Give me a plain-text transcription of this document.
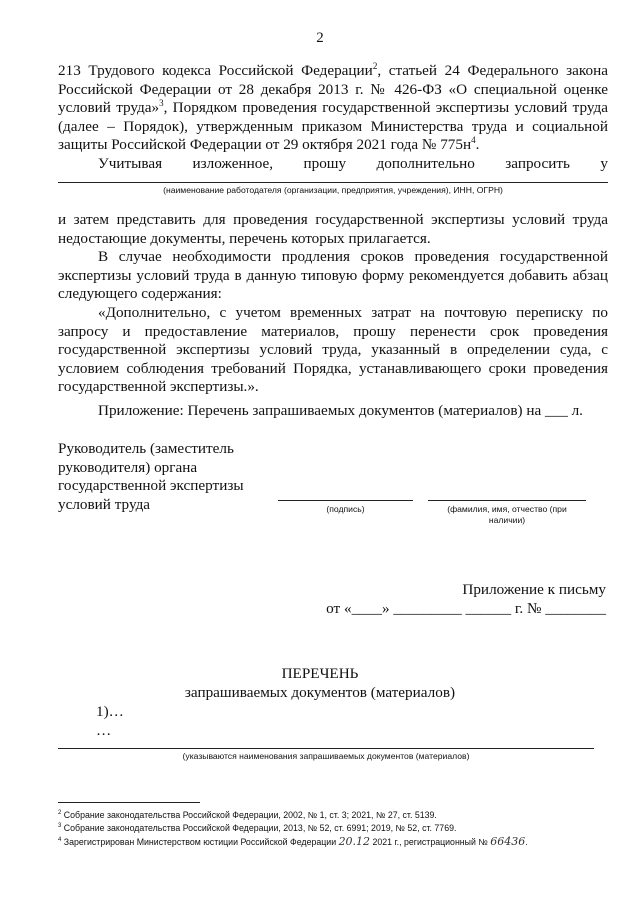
2
213 Трудового кодекса Российской Федерации$^2$, статьей 24 Федерального закона
Российской Федерации от 28 декабря 2013 г. № 426-ФЗ «О специальной оценке
условий труда»$^3$, Порядком проведения государственной экспертизы условий труда
(далее – Порядок), утвержденным приказом Министерства труда и социальной
защиты Российской Федерации от 29 октября 2021 года № $775н^4$.
Учитывая изложенное, прошу дополнительно запросить у
(наименование работодателя (организации, предприятия, учреждения), ИНН, ОГРН)
и затем представить для проведения государственной экспертизы условий труда недостающие документы, перечень которых прилагается.
В случае необходимости продления сроков проведения государственной экспертизы условий труда в данную типовую форму рекомендуется добавить абзац следующего содержания:
«Дополнительно, с учетом временных затрат на почтовую переписку по запросу и предоставление материалов, прошу перенести срок проведения государственной экспертизы условий труда, указанный в определении суда, с условием соблюдения требований Порядка, устанавливающего сроки проведения государственной экспертизы.».
Приложение: Перечень запрашиваемых документов (материалов) на ___ л.
Руководитель (заместитель
руководителя) органа
государственной экспертизы
условий труда	(подпись)	(фамилия, имя, отчество (при наличии)
Приложение к письму
от «____» _________ ______ г. № ________
ПЕРЕЧЕНЬ
запрашиваемых документов (материалов)
1)…
…
(указываются наименования запрашиваемых документов (материалов)
$^2$ Собрание законодательства Российской Федерации, 2002, № 1, ст. 3; 2021, № 27, ст. 5139.
$^3$ Собрание законодательства Российской Федерации, 2013, № 52, ст. 6991; 2019, № 52, ст. 7769.
$^4$ Зарегистрирован Министерством юстиции Российской Федерации 20.12 2021 г., регистрационный № 66436.
